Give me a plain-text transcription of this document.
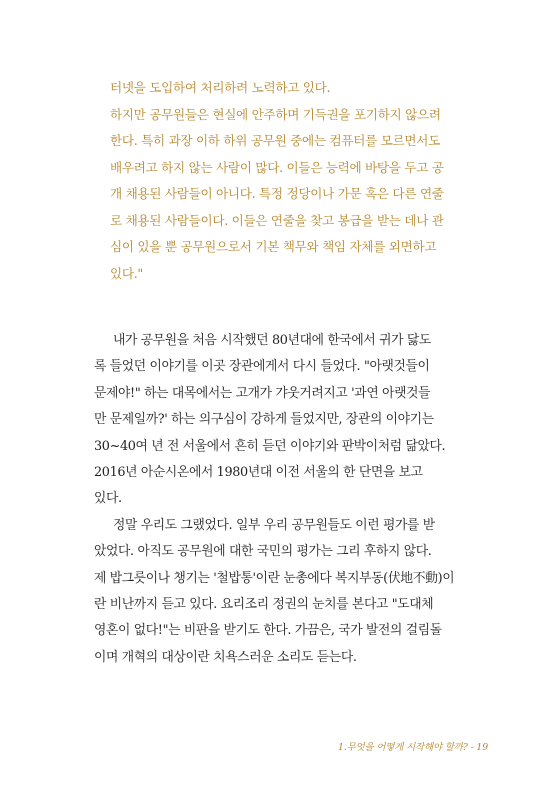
터넷을 도입하여 처리하려 노력하고 있다.
하지만 공무원들은 현실에 안주하며 기득권을 포기하지 않으려
한다. 특히 과장 이하 하위 공무원 중에는 컴퓨터를 모르면서도
배우려고 하지 않는 사람이 많다. 이들은 능력에 바탕을 두고 공
개 채용된 사람들이 아니다. 특정 정당이나 가문 혹은 다른 연줄
로 채용된 사람들이다. 이들은 연줄을 찾고 봉급을 받는 데나 관
심이 있을 뿐 공무원으로서 기본 책무와 책임 자체를 외면하고
있다."
내가 공무원을 처음 시작했던 80년대에 한국에서 귀가 닳도
록 들었던 이야기를 이곳 장관에게서 다시 들었다. "아랫것들이
문제야!" 하는 대목에서는 고개가 갸웃거려지고 '과연 아랫것들
만 문제일까?' 하는 의구심이 강하게 들었지만, 장관의 이야기는
30~40여 년 전 서울에서 흔히 듣던 이야기와 판박이처럼 닮았다.
2016년 아순시온에서 1980년대 이전 서울의 한 단면을 보고
있다.
정말 우리도 그랬었다. 일부 우리 공무원들도 이런 평가를 받
았었다. 아직도 공무원에 대한 국민의 평가는 그리 후하지 않다.
제 밥그릇이나 챙기는 '철밥통'이란 눈총에다 복지부동(伏地不動)이
란 비난까지 듣고 있다. 요리조리 정권의 눈치를 본다고 "도대체
영혼이 없다!"는 비판을 받기도 한다. 가끔은, 국가 발전의 걸림돌
이며 개혁의 대상이란 치욕스러운 소리도 듣는다.
1.무엇을 어떻게 시작해야 할까? - 19
